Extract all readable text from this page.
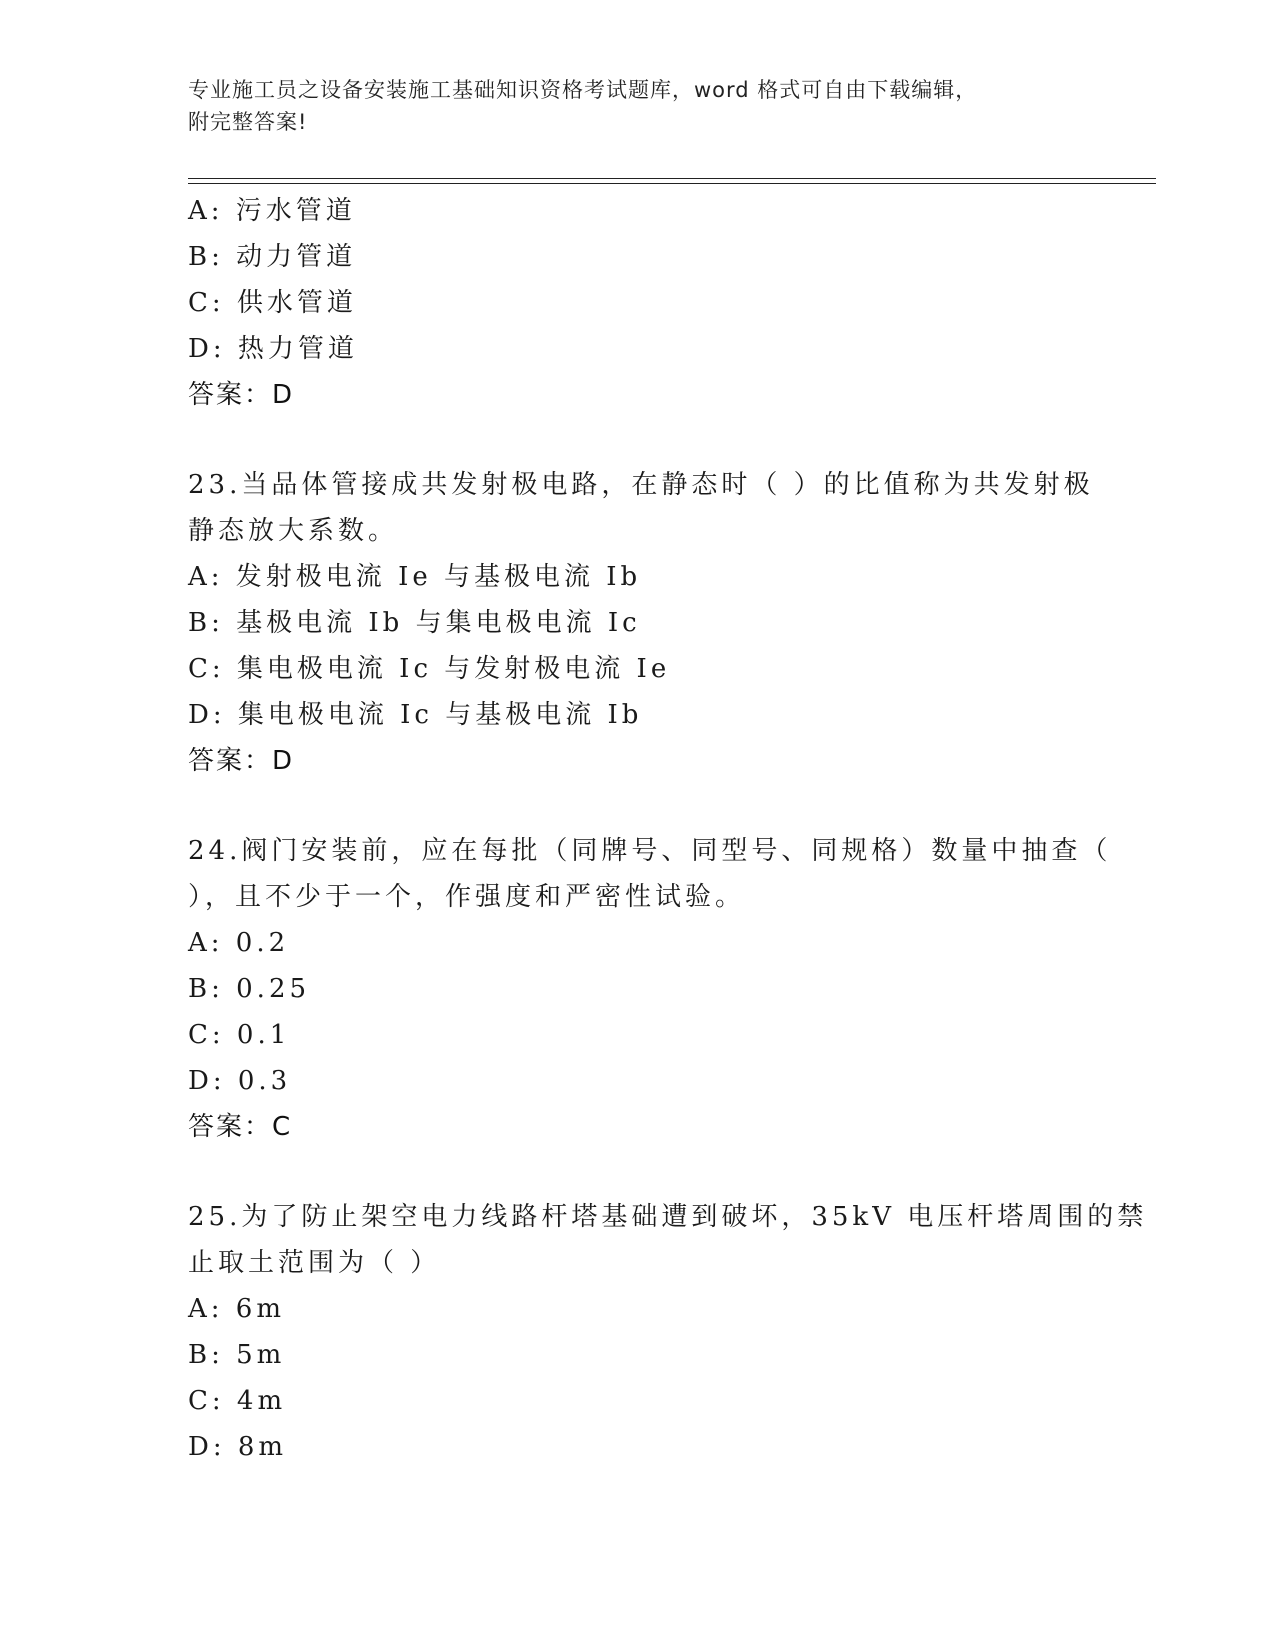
专业施工员之设备安装施工基础知识资格考试题库，word 格式可自由下载编辑，
附完整答案!
A: 污水管道
B: 动力管道
C: 供水管道
D: 热力管道
答案：D
23.当品体管接成共发射极电路，在静态时（ ）的比值称为共发射极
静态放大系数。
A: 发射极电流 Ie 与基极电流 Ib
B: 基极电流 Ib 与集电极电流 Ic
C: 集电极电流 Ic 与发射极电流 Ie
D: 集电极电流 Ic 与基极电流 Ib
答案：D
24.阀门安装前，应在每批（同牌号、同型号、同规格）数量中抽查（
），且不少于一个，作强度和严密性试验。
A: 0.2
B: 0.25
C: 0.1
D: 0.3
答案：C
25.为了防止架空电力线路杆塔基础遭到破坏，35kV 电压杆塔周围的禁
止取土范围为（ ）
A: 6m
B: 5m
C: 4m
D: 8m
